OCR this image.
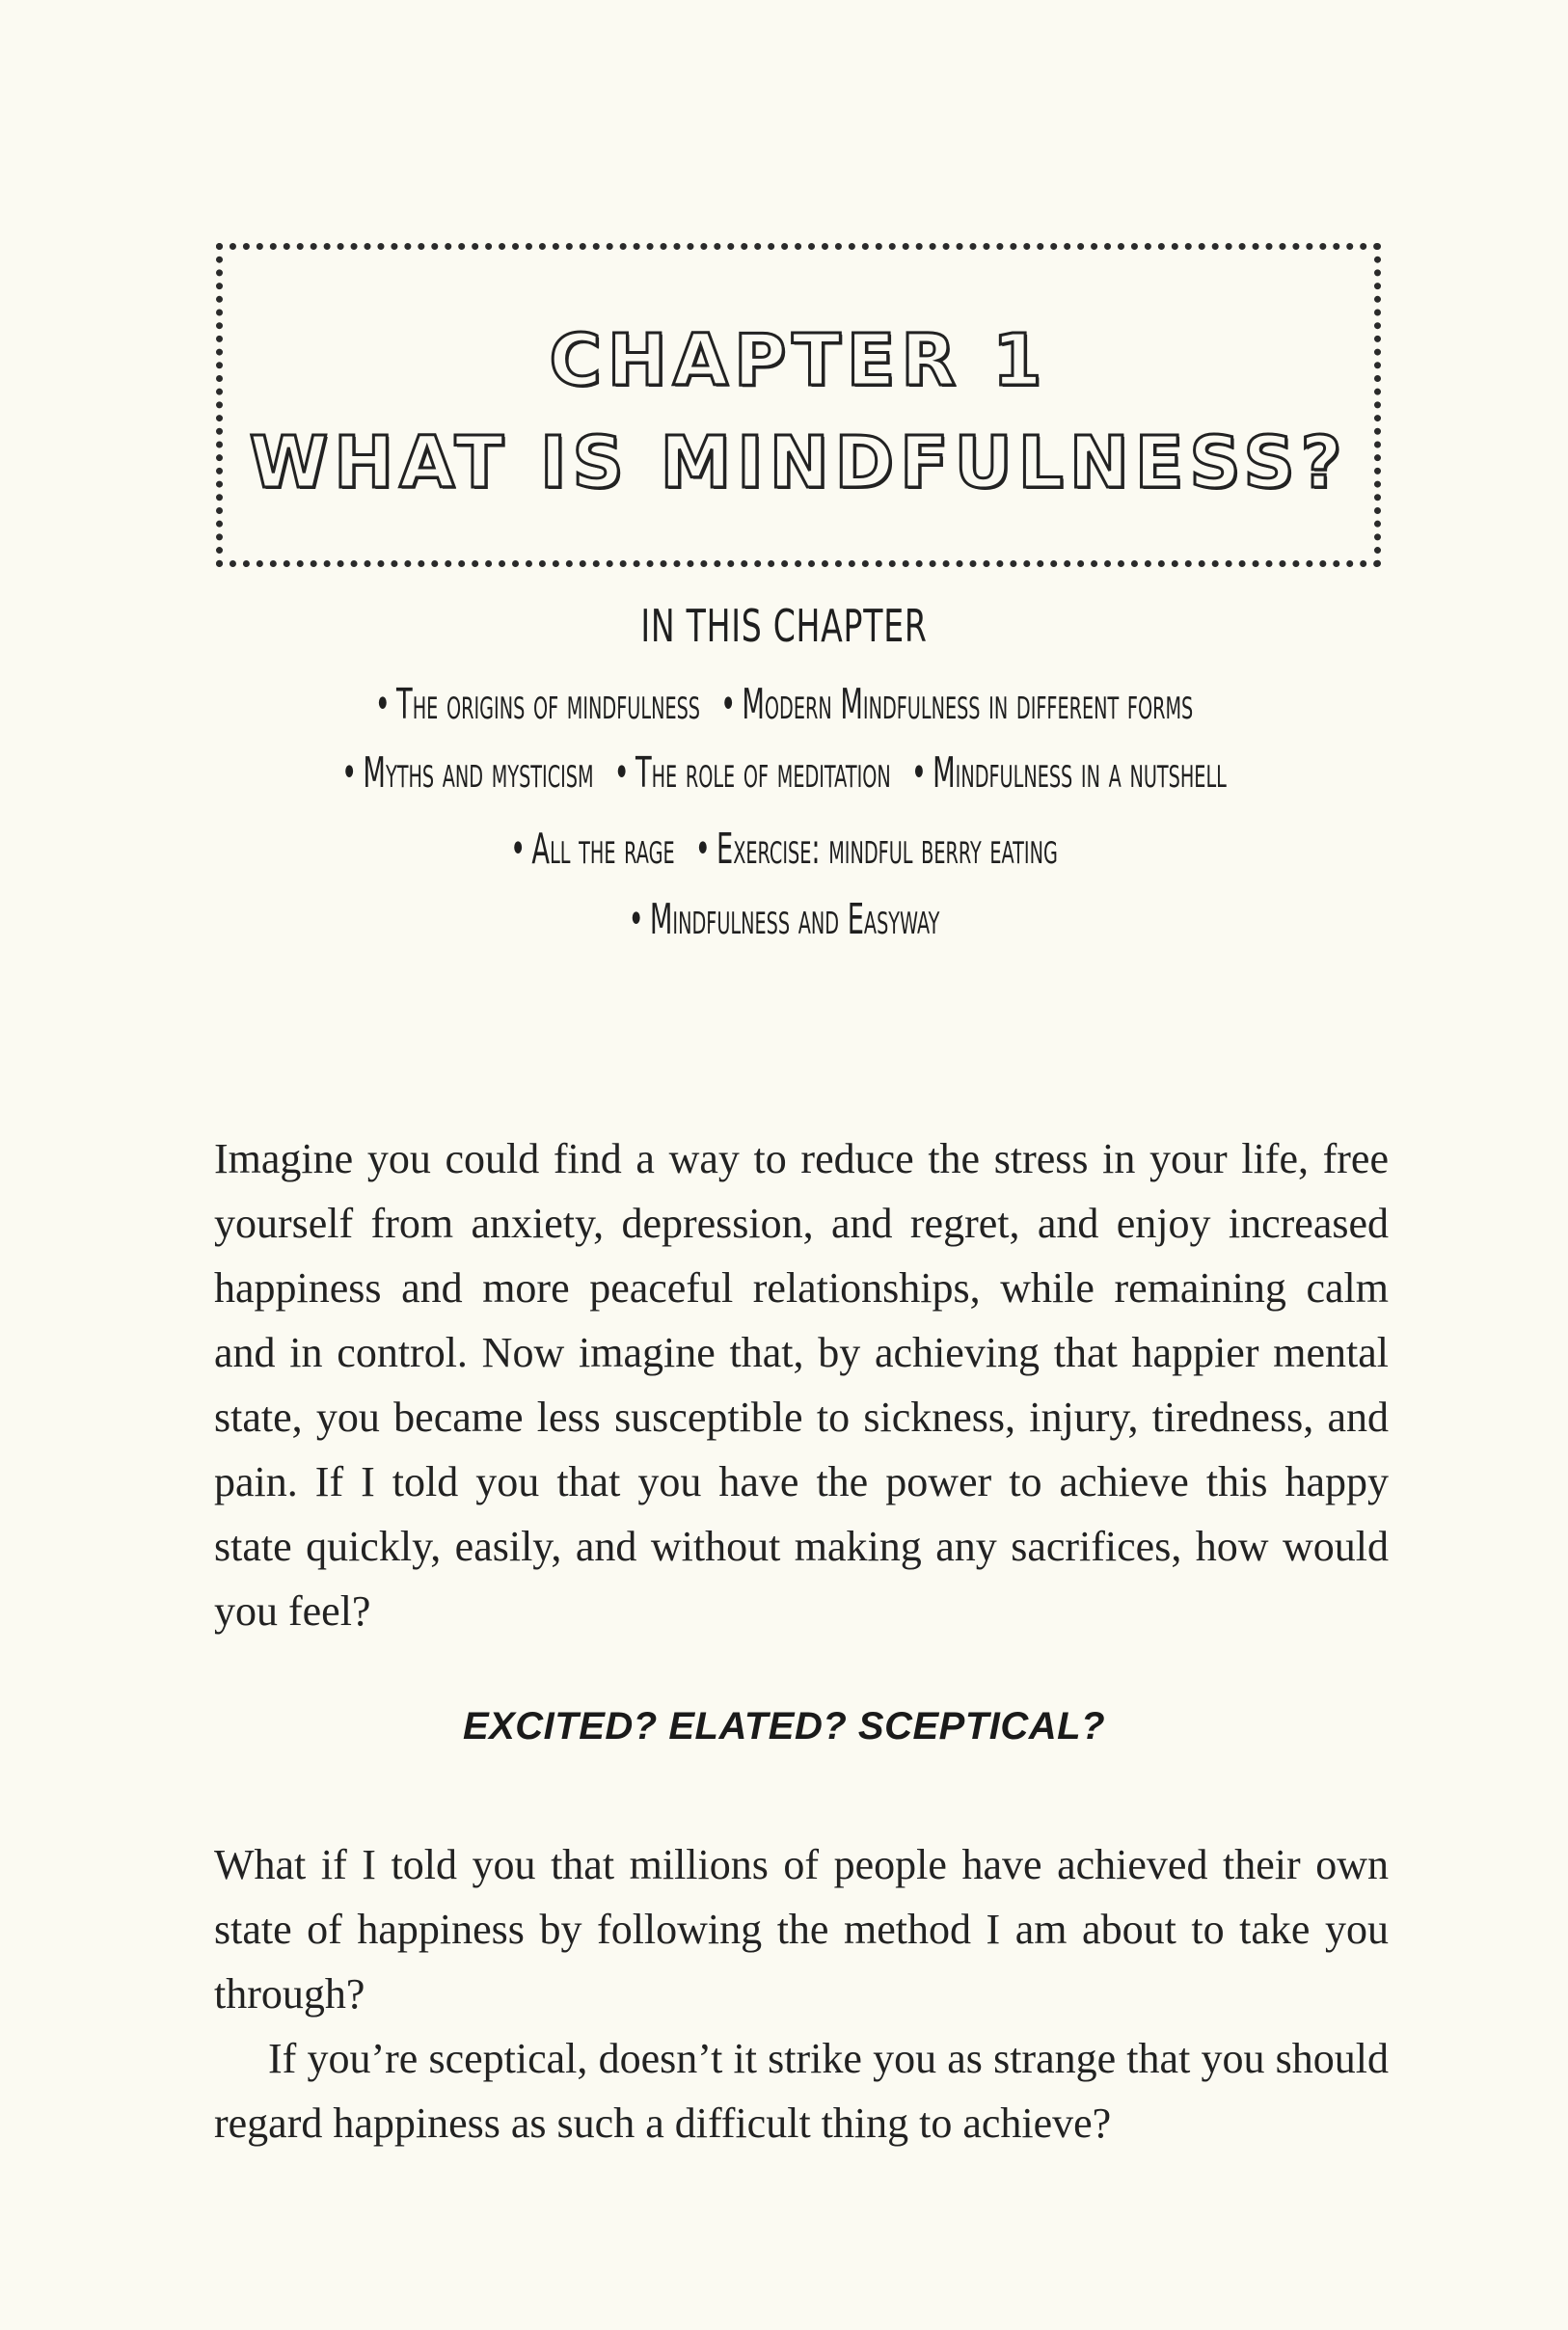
CHAPTER 1
WHAT IS MINDFULNESS?
IN THIS CHAPTER
• The origins of mindfulness • Modern Mindfulness in different forms
• Myths and mysticism • The role of meditation • Mindfulness in a nutshell
• All the rage • Exercise: mindful berry eating
• Mindfulness and Easyway

Imagine you could find a way to reduce the stress in your life, free yourself from anxiety, depression, and regret, and enjoy increased happiness and more peaceful relationships, while remaining calm and in control. Now imagine that, by achieving that happier mental state, you became less susceptible to sickness, injury, tiredness, and pain. If I told you that you have the power to achieve this happy state quickly, easily, and without making any sacrifices, how would you feel?

EXCITED? ELATED? SCEPTICAL?

What if I told you that millions of people have achieved their own state of happiness by following the method I am about to take you through?

If you’re sceptical, doesn’t it strike you as strange that you should regard happiness as such a difficult thing to achieve?
